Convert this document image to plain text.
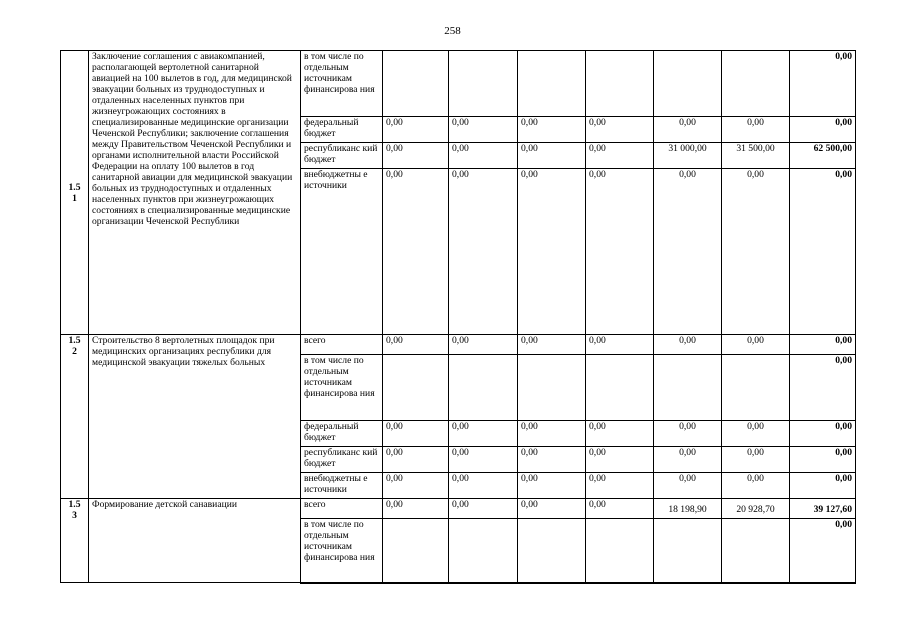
258
1.5
1	Заключение соглашения с авиакомпанией, располагающей вертолетной санитарной авиацией на 100 вылетов в год, для медицинской эвакуации больных из труднодоступных и отдаленных населенных пунктов при жизнеугрожающих состояниях в специализированные медицинские организации Чеченской Республики; заключение соглашения между Правительством Чеченской Республики и органами исполнительной власти Российской Федерации на оплату 100 вылетов в год санитарной авиации для медицинской эвакуации больных из труднодоступных и отдаленных населенных пунктов при жизнеугрожающих состояниях в специализированные медицинские организации Чеченской Республики	в том числе по отдельным источникам финансирова ния							0,00
		федеральный бюджет	0,00	0,00	0,00	0,00	0,00	0,00	0,00
		республиканс кий бюджет	0,00	0,00	0,00	0,00	31 000,00	31 500,00	62 500,00
		внебюджетны е источники	0,00	0,00	0,00	0,00	0,00	0,00	0,00
1.5
2	Строительство 8 вертолетных площадок при медицинских организациях республики для медицинской эвакуации тяжелых больных	всего	0,00	0,00	0,00	0,00	0,00	0,00	0,00
		в том числе по отдельным источникам финансирова ния							0,00
		федеральный бюджет	0,00	0,00	0,00	0,00	0,00	0,00	0,00
		республиканс кий бюджет	0,00	0,00	0,00	0,00	0,00	0,00	0,00
		внебюджетны е источники	0,00	0,00	0,00	0,00	0,00	0,00	0,00
1.5
3	Формирование детской санавиации	всего	0,00	0,00	0,00	0,00	18 198,90	20 928,70	39 127,60
		в том числе по отдельным источникам финансирова ния							0,00
